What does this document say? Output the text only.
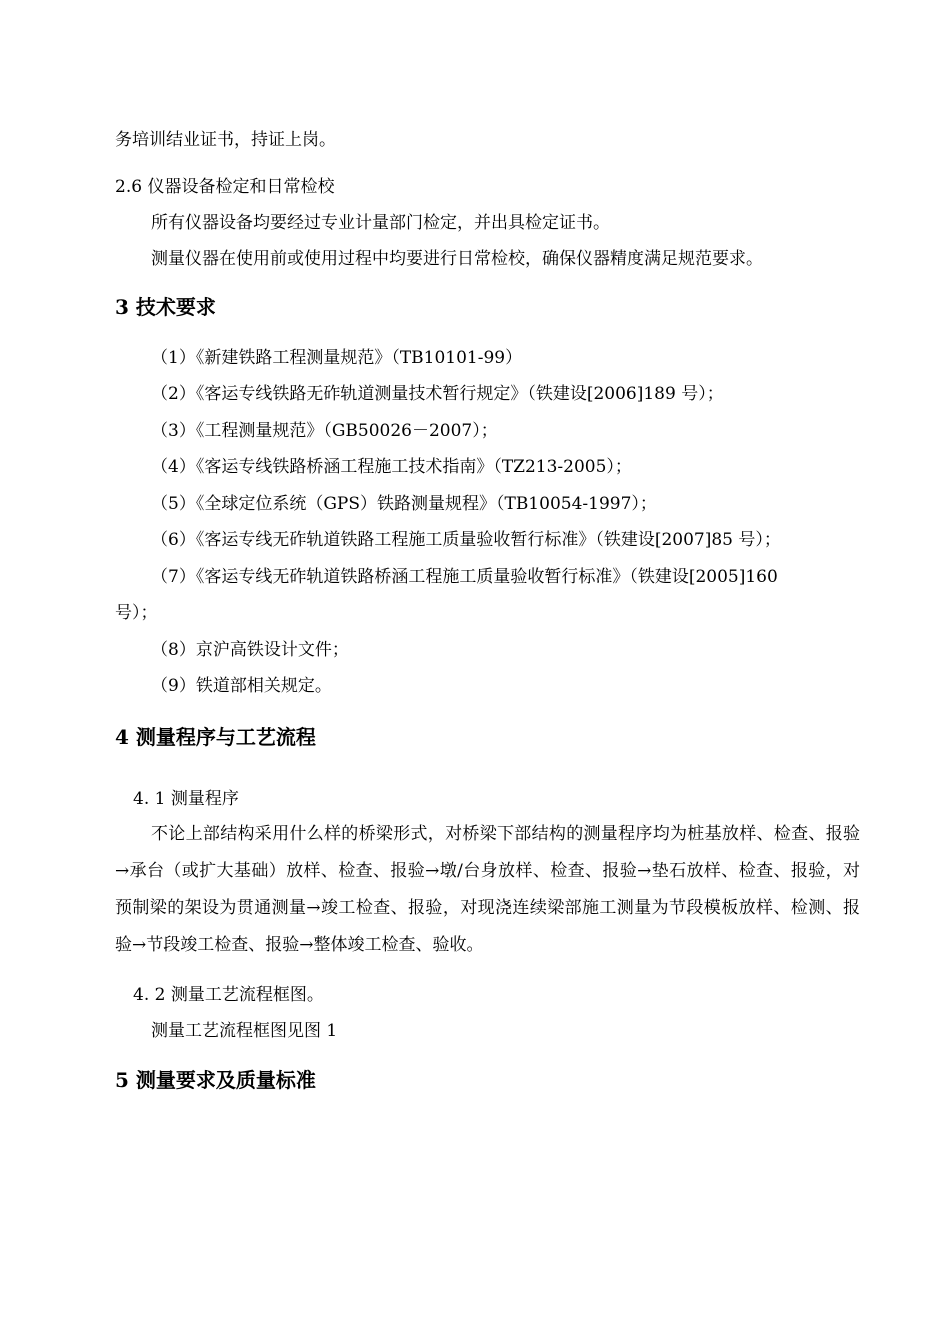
务培训结业证书，持证上岗。
2.6 仪器设备检定和日常检校
所有仪器设备均要经过专业计量部门检定，并出具检定证书。
测量仪器在使用前或使用过程中均要进行日常检校，确保仪器精度满足规范要求。
3 技术要求
（1）《新建铁路工程测量规范》（TB10101-99）
（2）《客运专线铁路无砟轨道测量技术暂行规定》（铁建设[2006]189 号）；
（3）《工程测量规范》（GB50026－2007）；
（4）《客运专线铁路桥涵工程施工技术指南》（TZ213-2005）；
（5）《全球定位系统（GPS）铁路测量规程》（TB10054-1997）；
（6）《客运专线无砟轨道铁路工程施工质量验收暂行标准》（铁建设[2007]85 号）；
（7）《客运专线无砟轨道铁路桥涵工程施工质量验收暂行标准》（铁建设[2005]160
号）；
（8）京沪高铁设计文件；
（9）铁道部相关规定。
4 测量程序与工艺流程
4. 1 测量程序
不论上部结构采用什么样的桥梁形式，对桥梁下部结构的测量程序均为桩基放样、检查、报验→承台（或扩大基础）放样、检查、报验→墩/台身放样、检查、报验→垫石放样、检查、报验，对预制梁的架设为贯通测量→竣工检查、报验，对现浇连续梁部施工测量为节段模板放样、检测、报验→节段竣工检查、报验→整体竣工检查、验收。
4. 2 测量工艺流程框图。
测量工艺流程框图见图 1
5 测量要求及质量标准
